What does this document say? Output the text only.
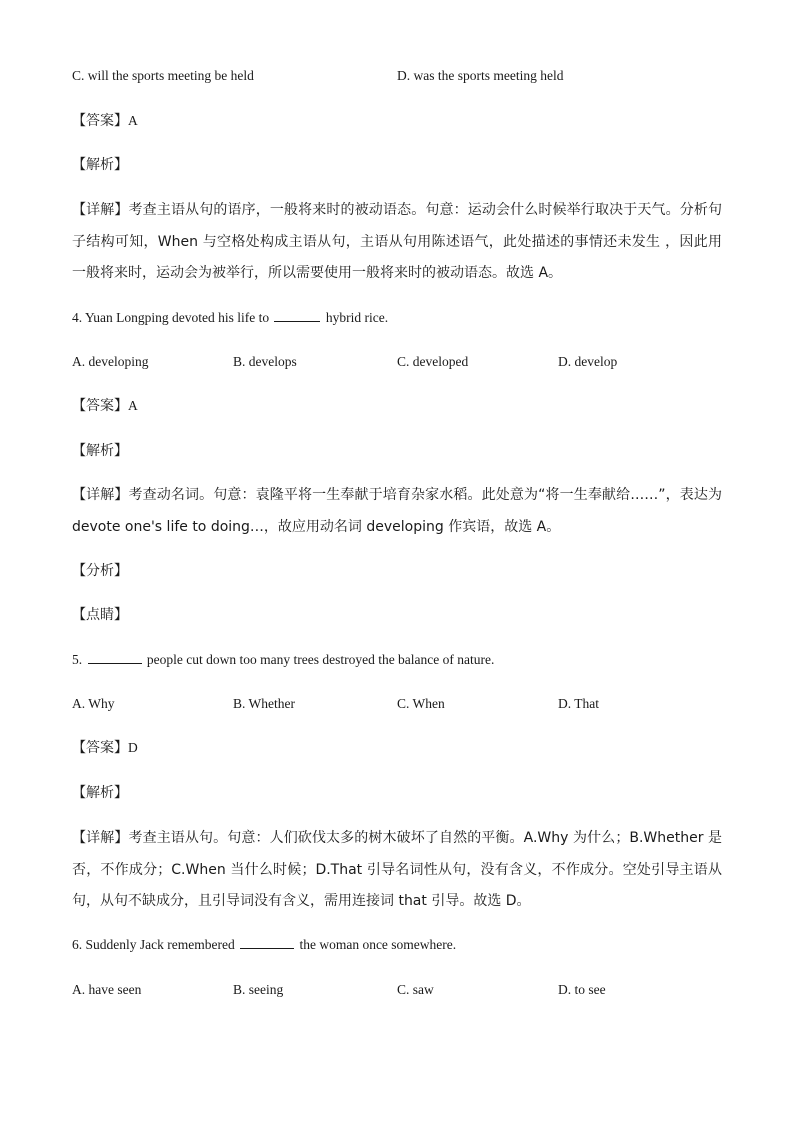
C. will the sports meeting be held	D. was the sports meeting held
【答案】A
【解析】
【详解】考查主语从句的语序，一般将来时的被动语态。句意：运动会什么时候举行取决于天气。分析句子结构可知，When 与空格处构成主语从句，主语从句用陈述语气，此处描述的事情还未发生 ，因此用一般将来时，运动会为被举行，所以需要使用一般将来时的被动语态。故选 A。
4. Yuan Longping devoted his life to	hybrid rice.
A. developing	B. develops	C. developed	D. develop
【答案】A
【解析】
【详解】考查动名词。句意：袁隆平将一生奉献于培育杂家水稻。此处意为“将一生奉献给……”，表达为 devote one's life to doing…，故应用动名词 developing 作宾语，故选 A。
【分析】
【点睛】
5.	people cut down too many trees destroyed the balance of nature.
A. Why	B. Whether	C. When	D. That
【答案】D
【解析】
【详解】考查主语从句。句意：人们砍伐太多的树木破坏了自然的平衡。A.Why 为什么；B.Whether 是否，不作成分；C.When 当什么时候；D.That 引导名词性从句，没有含义，不作成分。空处引导主语从句，从句不缺成分，且引导词没有含义，需用连接词 that 引导。故选 D。
6. Suddenly Jack remembered	the woman once somewhere.
A. have seen	B. seeing	C. saw	D. to see
